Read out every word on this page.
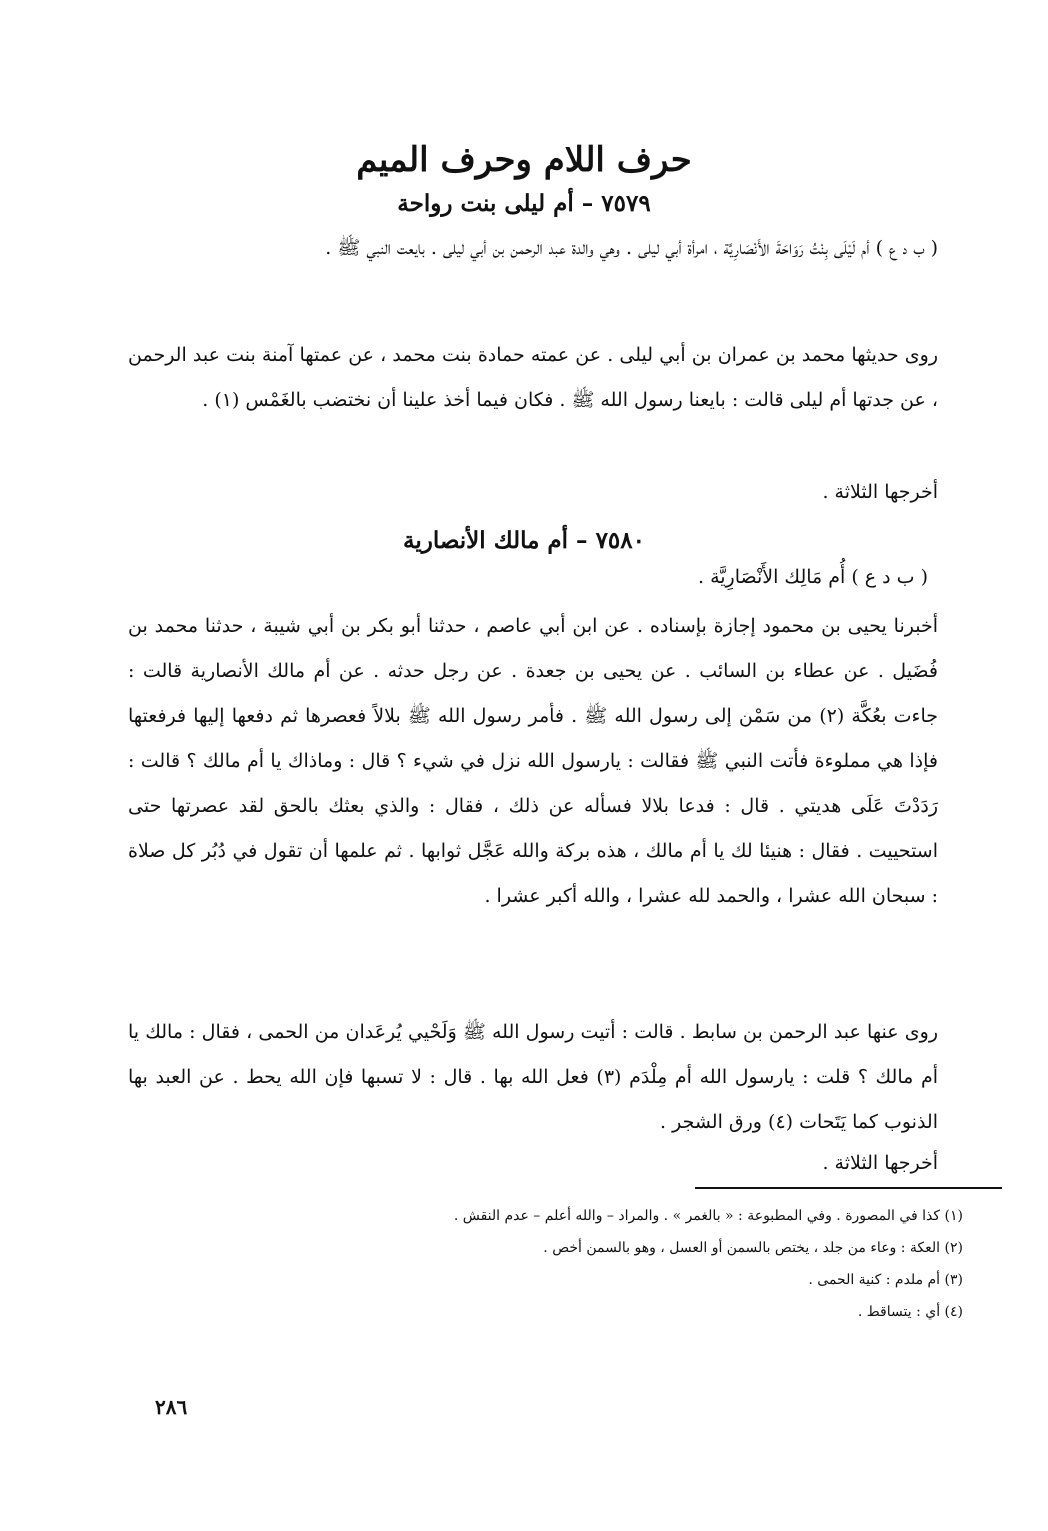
حرف اللام وحرف الميم
٧٥٧٩ – أم ليلى بنت رواحة

( ب د ع ) أم لَيْلَى بِنْتُ رَوَاحَةَ الأَنْصَارِيَّة ، امرأة أبي ليلى . وهي والدة عبد الرحمن بن أبي ليلى . بايعت النبي ﷺ .

روى حديثها محمد بن عمران بن أبي ليلى . عن عمته حمادة بنت محمد ، عن عمتها آمنة بنت عبد الرحمن ، عن جدتها أم ليلى قالت : بايعنا رسول الله ﷺ . فكان فيما أخذ علينا أن نختضب بالغَمْس (١) .

أخرجها الثلاثة .

٧٥٨٠ – أم مالك الأنصارية

( ب د ع ) أُم مَالِك الأَنْصَارِيَّة .

أخبرنا يحيى بن محمود إجازة بإسناده . عن ابن أبي عاصم ، حدثنا أبو بكر بن أبي شيبة ، حدثنا محمد بن فُضَيل . عن عطاء بن السائب . عن يحيى بن جعدة . عن رجل حدثه . عن أم مالك الأنصارية قالت : جاءت بعُكَّة (٢) من سَمْن إلى رسول الله ﷺ . فأمر رسول الله ﷺ بلالاً فعصرها ثم دفعها إليها فرفعتها فإذا هي مملوءة فأتت النبي ﷺ فقالت : يارسول الله نزل في شيء ؟ قال : وماذاك يا أم مالك ؟ قالت : رَدَدْتَ عَلَى هديتي . قال : فدعا بلالا فسأله عن ذلك ، فقال : والذي بعثك بالحق لقد عصرتها حتى استحييت . فقال : هنيئا لك يا أم مالك ، هذه بركة والله عَجَّل ثوابها . ثم علمها أن تقول في دُبُر كل صلاة : سبحان الله عشرا ، والحمد لله عشرا ، والله أكبر عشرا .

روى عنها عبد الرحمن بن سابط . قالت : أتيت رسول الله ﷺ وَلَحْيي يُرعَدان من الحمى ، فقال : مالك يا أم مالك ؟ قلت : يارسول الله أم مِلْدَم (٣) فعل الله بها . قال : لا تسبها فإن الله يحط . عن العبد بها الذنوب كما يَتَحات (٤) ورق الشجر .

أخرجها الثلاثة .

(١) كذا في المصورة . وفي المطبوعة : « بالغمر » . والمراد – والله أعلم – عدم النقش .

(٢) العكة : وعاء من جلد ، يختص بالسمن أو العسل ، وهو بالسمن أخص .

(٣) أم ملدم : كنية الحمى .

(٤) أي : يتساقط .

٢٨٦
